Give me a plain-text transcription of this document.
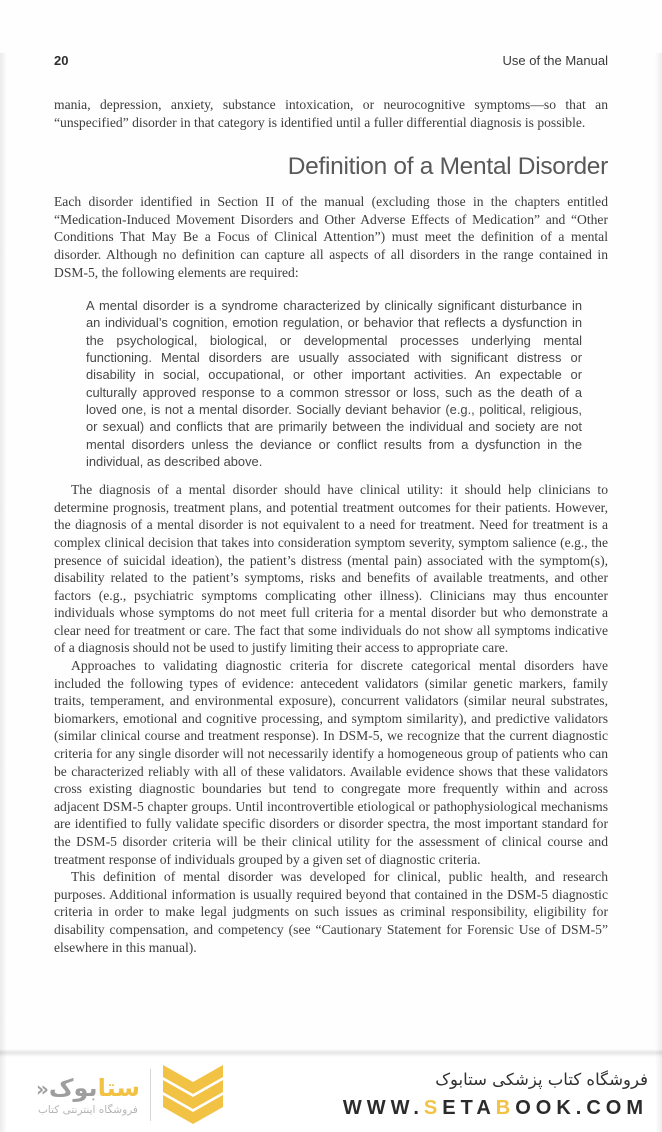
20	Use of the Manual

mania, depression, anxiety, substance intoxication, or neurocognitive symptoms—so that an “unspecified” disorder in that category is identified until a fuller differential diagnosis is possible.

Definition of a Mental Disorder

Each disorder identified in Section II of the manual (excluding those in the chapters entitled “Medication-Induced Movement Disorders and Other Adverse Effects of Medication” and “Other Conditions That May Be a Focus of Clinical Attention”) must meet the definition of a mental disorder. Although no definition can capture all aspects of all disorders in the range contained in DSM-5, the following elements are required:

A mental disorder is a syndrome characterized by clinically significant disturbance in an individual’s cognition, emotion regulation, or behavior that reflects a dysfunction in the psychological, biological, or developmental processes underlying mental functioning. Mental disorders are usually associated with significant distress or disability in social, occupational, or other important activities. An expectable or culturally approved response to a common stressor or loss, such as the death of a loved one, is not a mental disorder. Socially deviant behavior (e.g., political, religious, or sexual) and conflicts that are primarily between the individual and society are not mental disorders unless the deviance or conflict results from a dysfunction in the individual, as described above.

The diagnosis of a mental disorder should have clinical utility: it should help clinicians to determine prognosis, treatment plans, and potential treatment outcomes for their patients. However, the diagnosis of a mental disorder is not equivalent to a need for treatment. Need for treatment is a complex clinical decision that takes into consideration symptom severity, symptom salience (e.g., the presence of suicidal ideation), the patient’s distress (mental pain) associated with the symptom(s), disability related to the patient’s symptoms, risks and benefits of available treatments, and other factors (e.g., psychiatric symptoms complicating other illness). Clinicians may thus encounter individuals whose symptoms do not meet full criteria for a mental disorder but who demonstrate a clear need for treatment or care. The fact that some individuals do not show all symptoms indicative of a diagnosis should not be used to justify limiting their access to appropriate care.

Approaches to validating diagnostic criteria for discrete categorical mental disorders have included the following types of evidence: antecedent validators (similar genetic markers, family traits, temperament, and environmental exposure), concurrent validators (similar neural substrates, biomarkers, emotional and cognitive processing, and symptom similarity), and predictive validators (similar clinical course and treatment response). In DSM-5, we recognize that the current diagnostic criteria for any single disorder will not necessarily identify a homogeneous group of patients who can be characterized reliably with all of these validators. Available evidence shows that these validators cross existing diagnostic boundaries but tend to congregate more frequently within and across adjacent DSM-5 chapter groups. Until incontrovertible etiological or pathophysiological mechanisms are identified to fully validate specific disorders or disorder spectra, the most important standard for the DSM-5 disorder criteria will be their clinical utility for the assessment of clinical course and treatment response of individuals grouped by a given set of diagnostic criteria.

This definition of mental disorder was developed for clinical, public health, and research purposes. Additional information is usually required beyond that contained in the DSM-5 diagnostic criteria in order to make legal judgments on such issues as criminal responsibility, eligibility for disability compensation, and competency (see “Cautionary Statement for Forensic Use of DSM-5” elsewhere in this manual).

ستابوک«
فروشگاه اینترنتی کتاب
فروشگاه کتاب پزشکی ستابوک
WWW.SETABOOK.COM
